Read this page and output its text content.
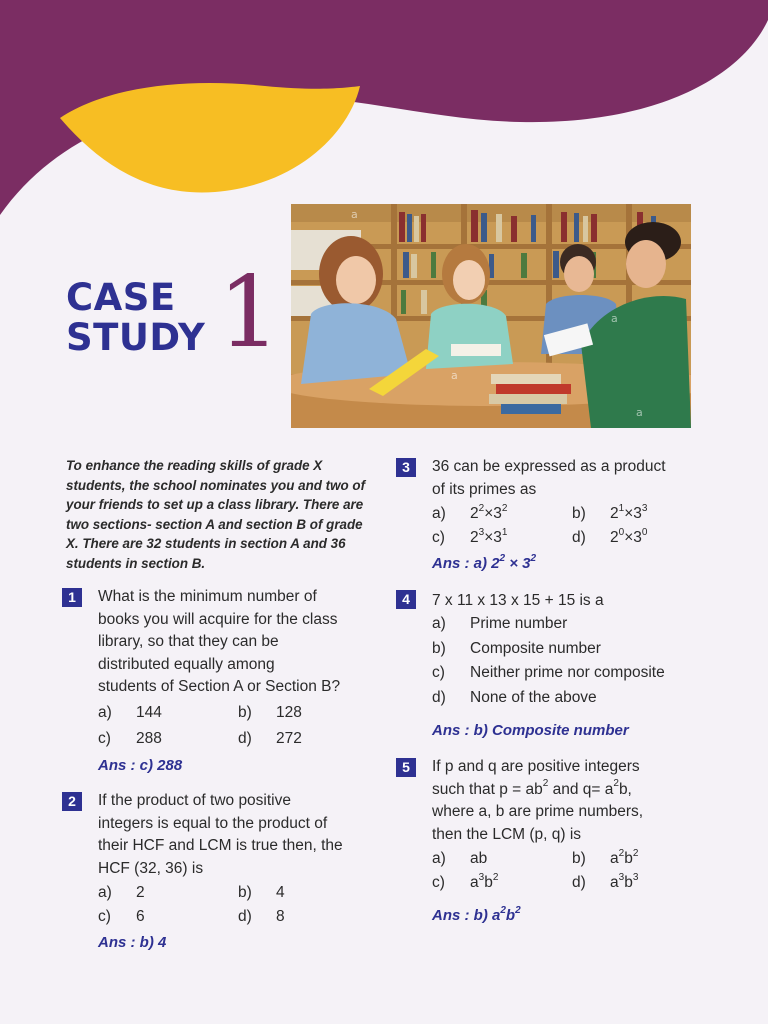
CASE
STUDY 1
a
a
a
a
To enhance the reading skills of grade X students, the school nominates you and two of your friends to set up a class library. There are two sections- section A and section B of grade X. There are 32 students in section A and 36 students in section B.
1	What is the minimum number of
books you will acquire for the class
library, so that they can be
distributed equally among
students of Section A or Section B?
a) 144	b) 128
c) 288	d) 272
Ans : c) 288
2	If the product of two positive
integers is equal to the product of
their HCF and LCM is true then, the
HCF (32, 36) is
a) 2	b) 4
c) 6	d) 8
Ans : b) 4
3	36 can be expressed as a product
of its primes as
a) $2^2\times 3^2$	b) $2^1\times 3^3$
c) $2^3\times 3^1$	d) $2^0\times 3^0$
Ans : a) $2^2 \times 3^2$
4	7 x 11 x 13 x 15 + 15 is a
a) Prime number
b) Composite number
c) Neither prime nor composite
d) None of the above
Ans : b) Composite number
5	If p and q are positive integers
such that $p = ab^2$ and $q= a^2b$,
where a, b are prime numbers,
then the LCM (p, q) is
a) ab	b) $a^2b^2$
c) $a^3b^2$	d) $a^3b^3$
Ans : b) $a^2b^2$
